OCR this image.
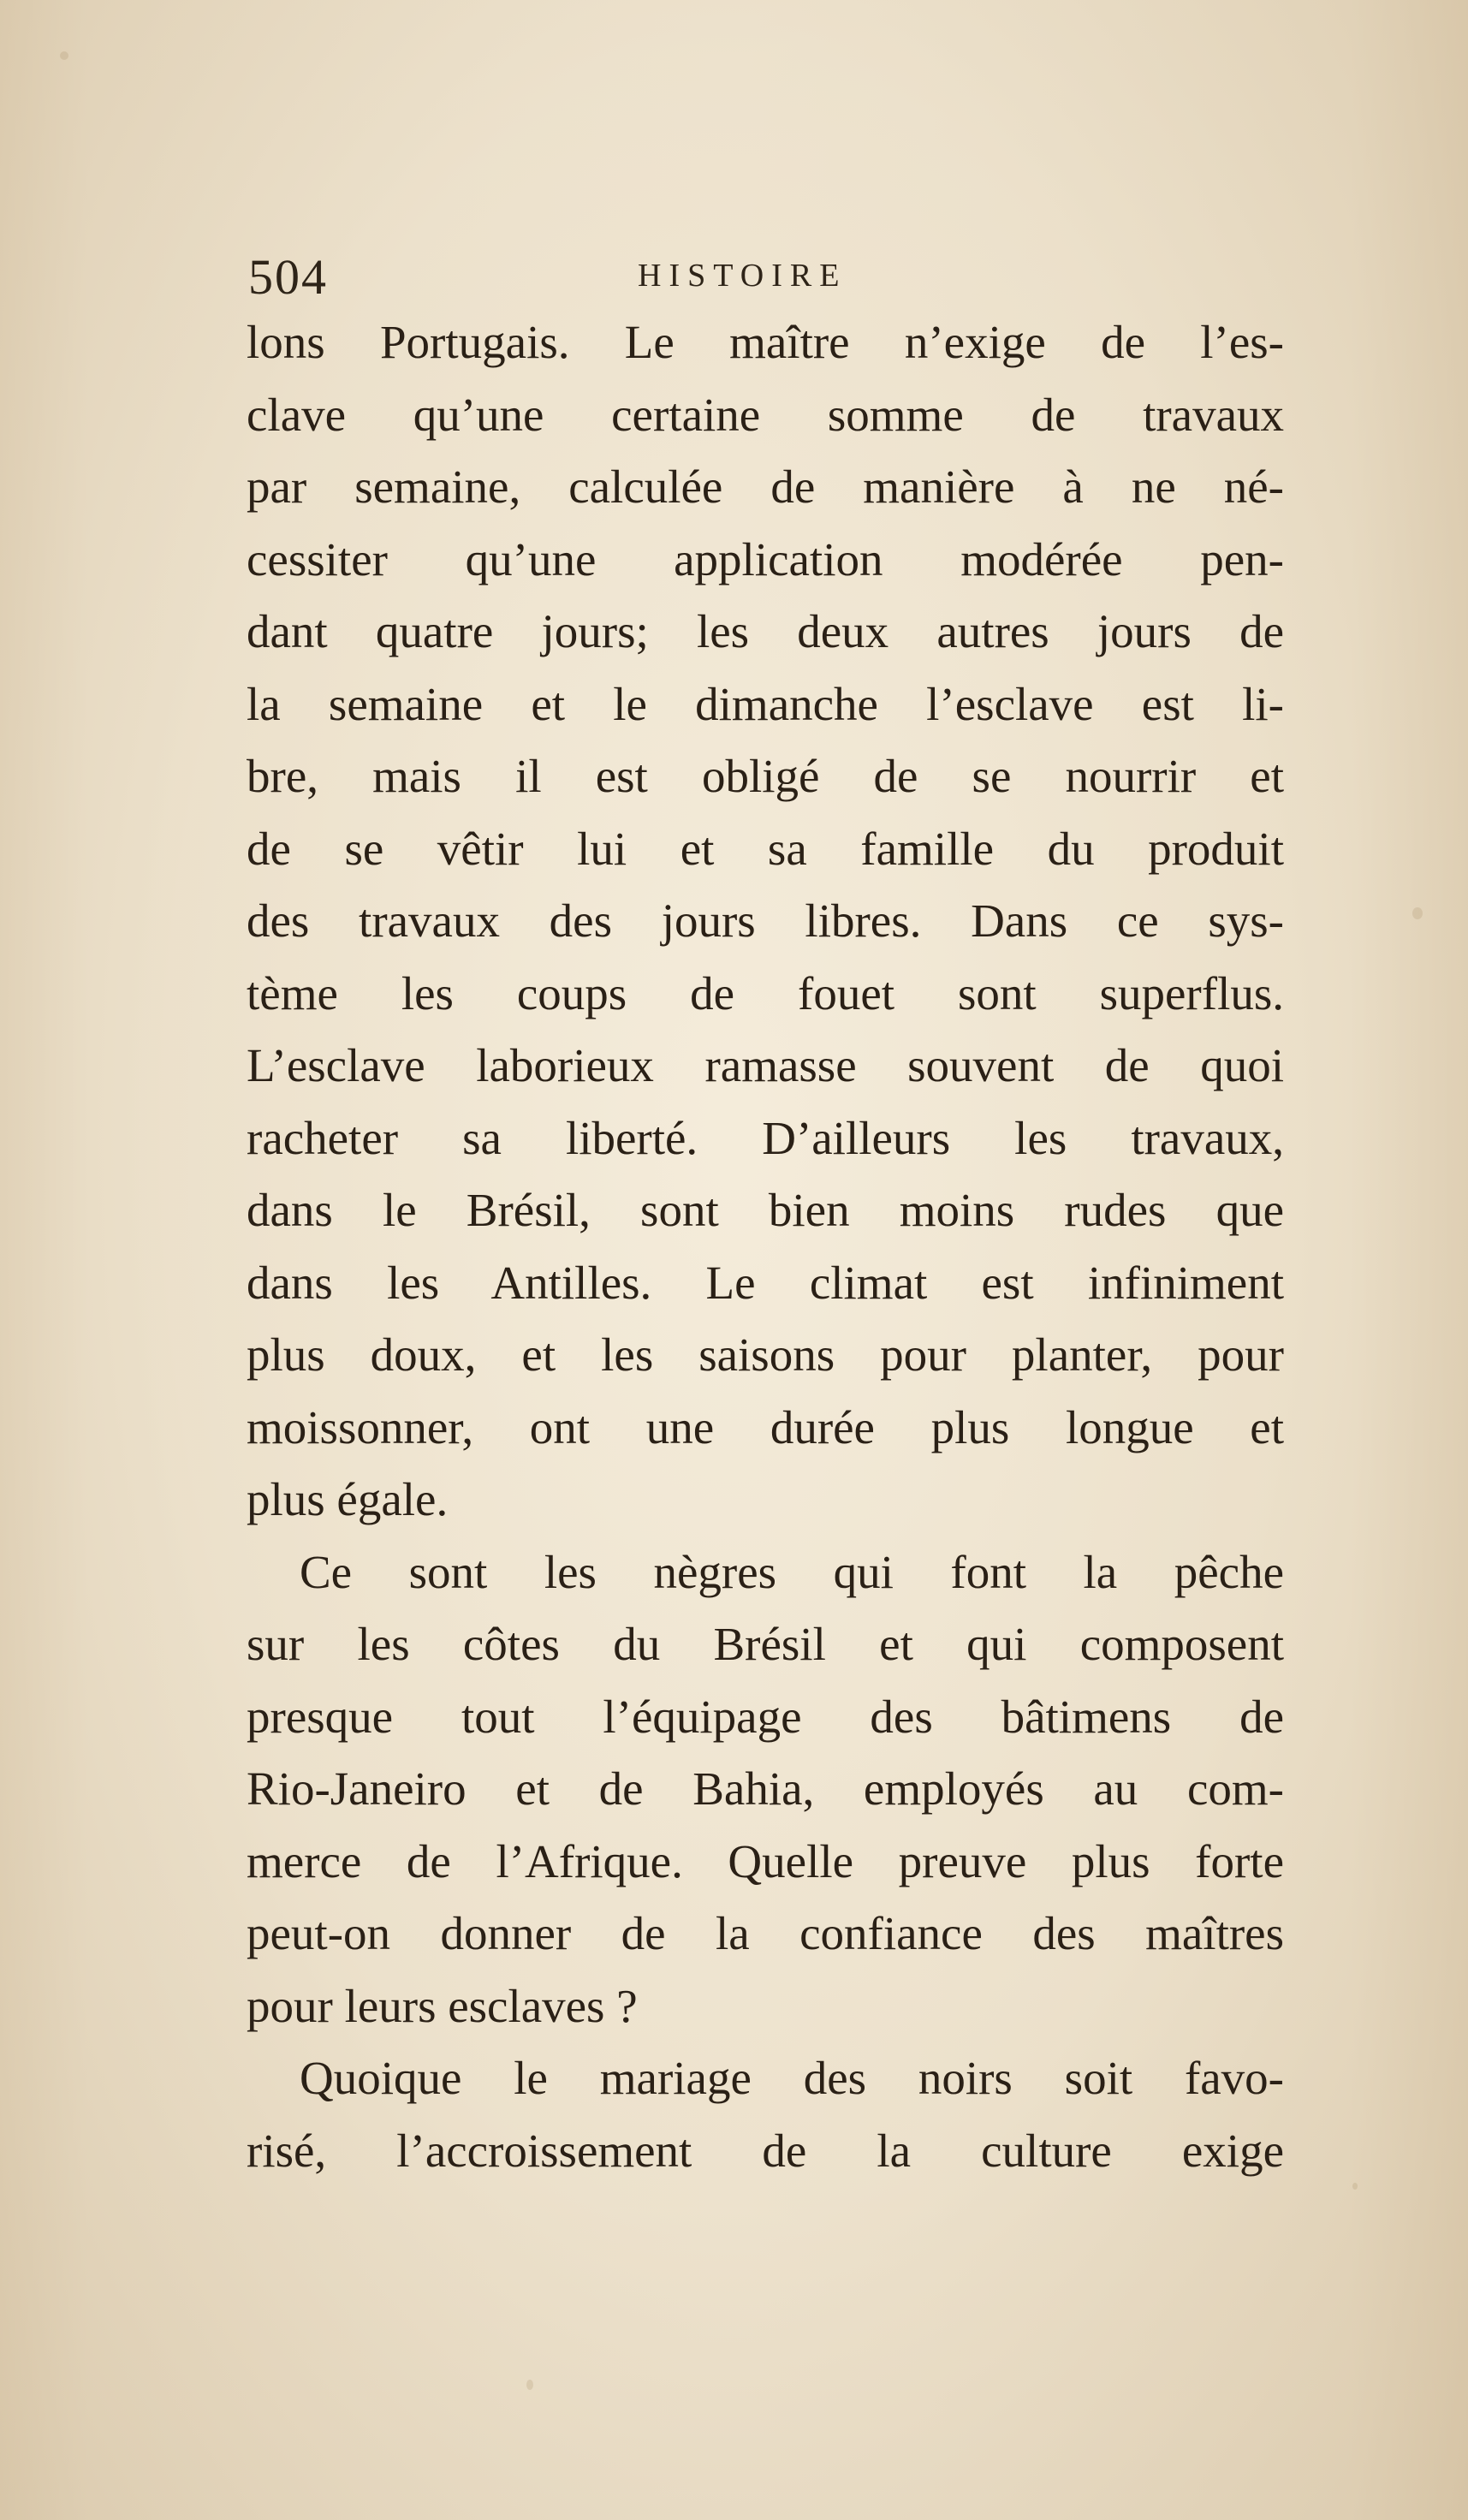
504	HISTOIRE
lons Portugais. Le maître n’exige de l’es-
clave qu’une certaine somme de travaux
par semaine, calculée de manière à ne né-
cessiter qu’une application modérée pen-
dant quatre jours; les deux autres jours de
la semaine et le dimanche l’esclave est li-
bre, mais il est obligé de se nourrir et
de se vêtir lui et sa famille du produit
des travaux des jours libres. Dans ce sys-
tème les coups de fouet sont superflus.
L’esclave laborieux ramasse souvent de quoi
racheter sa liberté. D’ailleurs les travaux,
dans le Brésil, sont bien moins rudes que
dans les Antilles. Le climat est infiniment
plus doux, et les saisons pour planter, pour
moissonner, ont une durée plus longue et
plus égale.
Ce sont les nègres qui font la pêche
sur les côtes du Brésil et qui composent
presque tout l’équipage des bâtimens de
Rio-Janeiro et de Bahia, employés au com-
merce de l’Afrique. Quelle preuve plus forte
peut-on donner de la confiance des maîtres
pour leurs esclaves ?
Quoique le mariage des noirs soit favo-
risé, l’accroissement de la culture exige
